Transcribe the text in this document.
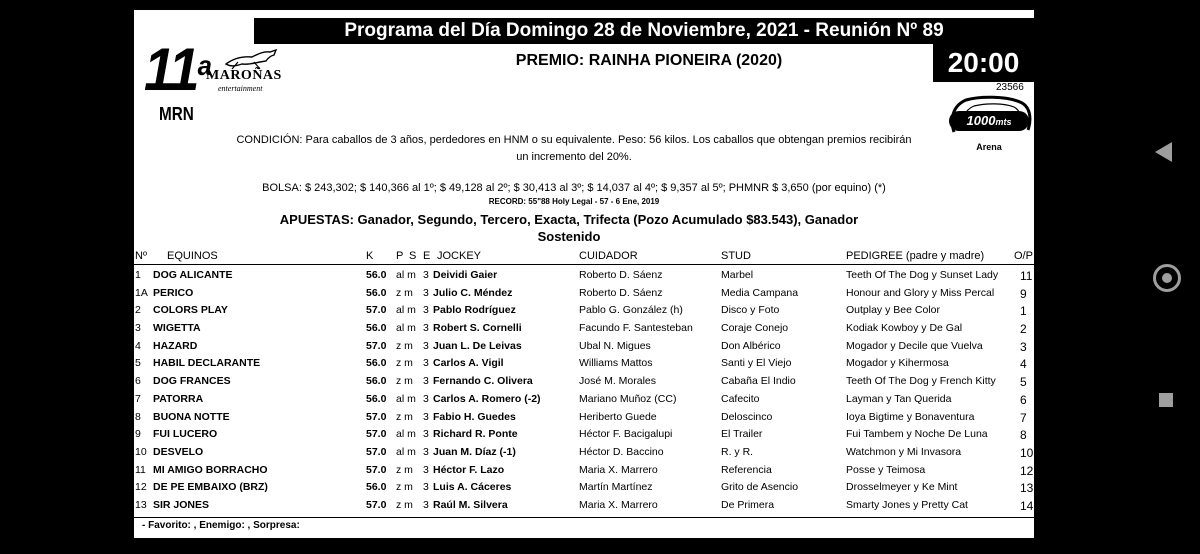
Programa del Día Domingo 28 de Noviembre, 2021 - Reunión Nº 89
11$^a$
MRN
MAROÑAS
entertainment
PREMIO: RAINHA PIONEIRA (2020)	20:00
23566
1000mts
Arena
CONDICIÓN: Para caballos de 3 años, perdedores en HNM o su equivalente. Peso: 56 kilos. Los caballos que obtengan premios recibirán un incremento del 20%.
BOLSA: $ 243,302; $ 140,366 al 1º; $ 49,128 al 2º; $ 30,413 al 3º; $ 14,037 al 4º; $ 9,357 al 5º; PHMNR $ 3,650 (por equino) (*)
RECORD: 55"88 Holy Legal - 57 - 6 Ene, 2019
APUESTAS: Ganador, Segundo, Tercero, Exacta, Trifecta (Pozo Acumulado $83.543), Ganador Sostenido
Nº EQUINOS	K P S E JOCKEY	CUIDADOR	STUD	PEDIGREE (padre y madre)	O/P
1 DOG ALICANTE	56.0 al m 3 Deividi Gaier	Roberto D. Sáenz	Marbel	Teeth Of The Dog y Sunset Lady 11
1A PERICO	56.0 z m 3 Julio C. Méndez	Roberto D. Sáenz	Media Campana	Honour and Glory y Miss Percal 9
2 COLORS PLAY	57.0 al m 3 Pablo Rodríguez	Pablo G. González (h)	Disco y Foto	Outplay y Bee Color	1
3 WIGETTA	56.0 al m 3 Robert S. Cornelli	Facundo F. Santesteban	Coraje Conejo	Kodiak Kowboy y De Gal	2
4 HAZARD	57.0 z m 3 Juan L. De Leivas	Ubal N. Migues	Don Albérico	Mogador y Decile que Vuelva	3
5 HABIL DECLARANTE	56.0 z m 3 Carlos A. Vigil	Williams Mattos	Santi y El Viejo	Mogador y Kihermosa	4
6 DOG FRANCES	56.0 z m 3 Fernando C. Olivera	José M. Morales	Cabaña El Indio	Teeth Of The Dog y French Kitty 5
7 PATORRA	56.0 al m 3 Carlos A. Romero (-2)	Mariano Muñoz (CC)	Cafecito	Layman y Tan Querida	6
8 BUONA NOTTE	57.0 z m 3 Fabio H. Guedes	Heriberto Guede	Deloscinco	Ioya Bigtime y Bonaventura	7
9 FUI LUCERO	57.0 al m 3 Richard R. Ponte	Héctor F. Bacigalupi	El Trailer	Fui Tambem y Noche De Luna	8
10 DESVELO	57.0 al m 3 Juan M. Díaz (-1)	Héctor D. Baccino	R. y R.	Watchmon y Mi Invasora	10
11 MI AMIGO BORRACHO	57.0 z m 3 Héctor F. Lazo	Maria X. Marrero	Referencia	Posse y Teimosa	12
12 DE PE EMBAIXO (BRZ)	56.0 z m 3 Luis A. Cáceres	Martín Martínez	Grito de Asencio	Drosselmeyer y Ke Mint	13
13 SIR JONES	57.0 z m 3 Raúl M. Silvera	Maria X. Marrero	De Primera	Smarty Jones y Pretty Cat	14
- Favorito: , Enemigo: , Sorpresa:
